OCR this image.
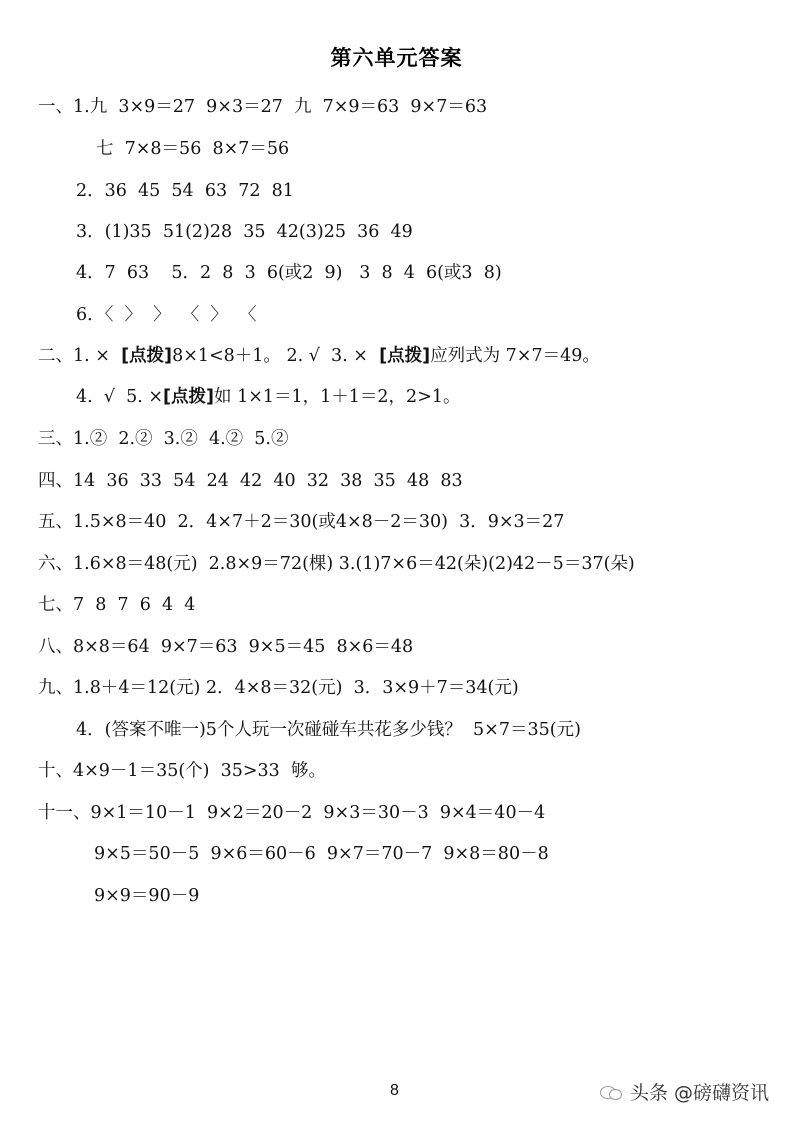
第六单元答案
一、1.九  3×9＝27  9×3＝27  九  7×9＝63  9×7＝63
七  7×8＝56  8×7＝56
2．36  45  54  63  72  81
3．(1)35  51(2)28  35  42(3)25  36  49
4．7  63    5．2  8  3  6(或2  9)   3  8  4  6(或3  8)
6．〈  〉  〉  〈  〉  〈
二、1. ×  [点拨]8×1<8＋1。 2. √  3. ×  [点拨]应列式为 7×7＝49。
4.  √  5. ×[点拨]如 1×1＝1，1＋1＝2，2>1。
三、1.②  2.②  3.②  4.②  5.②
四、14  36  33  54  24  42  40  32  38  35  48  83
五、1.5×8＝40  2．4×7＋2＝30(或4×8－2＝30)  3．9×3＝27
六、1.6×8＝48(元)  2.8×9＝72(棵) 3.(1)7×6＝42(朵)(2)42－5＝37(朵)
七、7  8  7  6  4  4
八、8×8＝64  9×7＝63  9×5＝45  8×6＝48
九、1.8＋4＝12(元) 2．4×8＝32(元)  3．3×9＋7＝34(元)
4．(答案不唯一)5个人玩一次碰碰车共花多少钱？  5×7＝35(元)
十、4×9－1＝35(个)  35>33  够。
十一、9×1＝10－1  9×2＝20－2  9×3＝30－3  9×4＝40－4
9×5＝50－5  9×6＝60－6  9×7＝70－7  9×8＝80－8
9×9＝90－9
8	头条 @磅礴资讯
